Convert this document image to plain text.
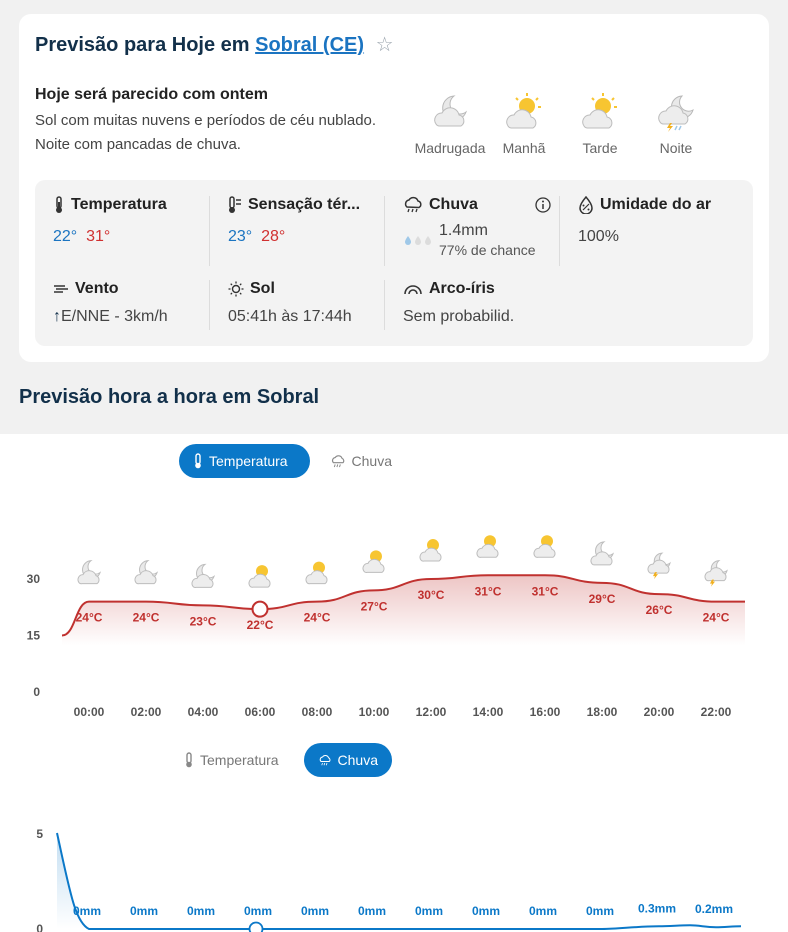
Previsão para Hoje em Sobral (CE) ☆
Hoje será parecido com ontem
Sol com muitas nuvens e períodos de céu nublado.
Noite com pancadas de chuva.	Madrugada	Manhã	Tarde	Noite
Temperatura
22° 31°
Sensação tér...
23° 28°
Chuva
1.4mm
77% de chance
Umidade do ar
100%
Vento
↑E/NNE - 3km/h
Sol
05:41h às 17:44h
Arco-íris
Sem probabilid.
Previsão hora a hora em Sobral
Temperatura	Chuva
0
15
30
24°C
00:00
24°C
02:00
23°C
04:00
22°C
06:00
24°C
08:00
27°C
10:00
30°C
12:00
31°C
14:00
31°C
16:00
29°C
18:00
26°C
20:00
24°C
22:00
Temperatura	Chuva
0
5
0mm 0mm 0mm 0mm 0mm 0mm 0mm 0mm 0mm 0mm 0.3mm 0.2mm
